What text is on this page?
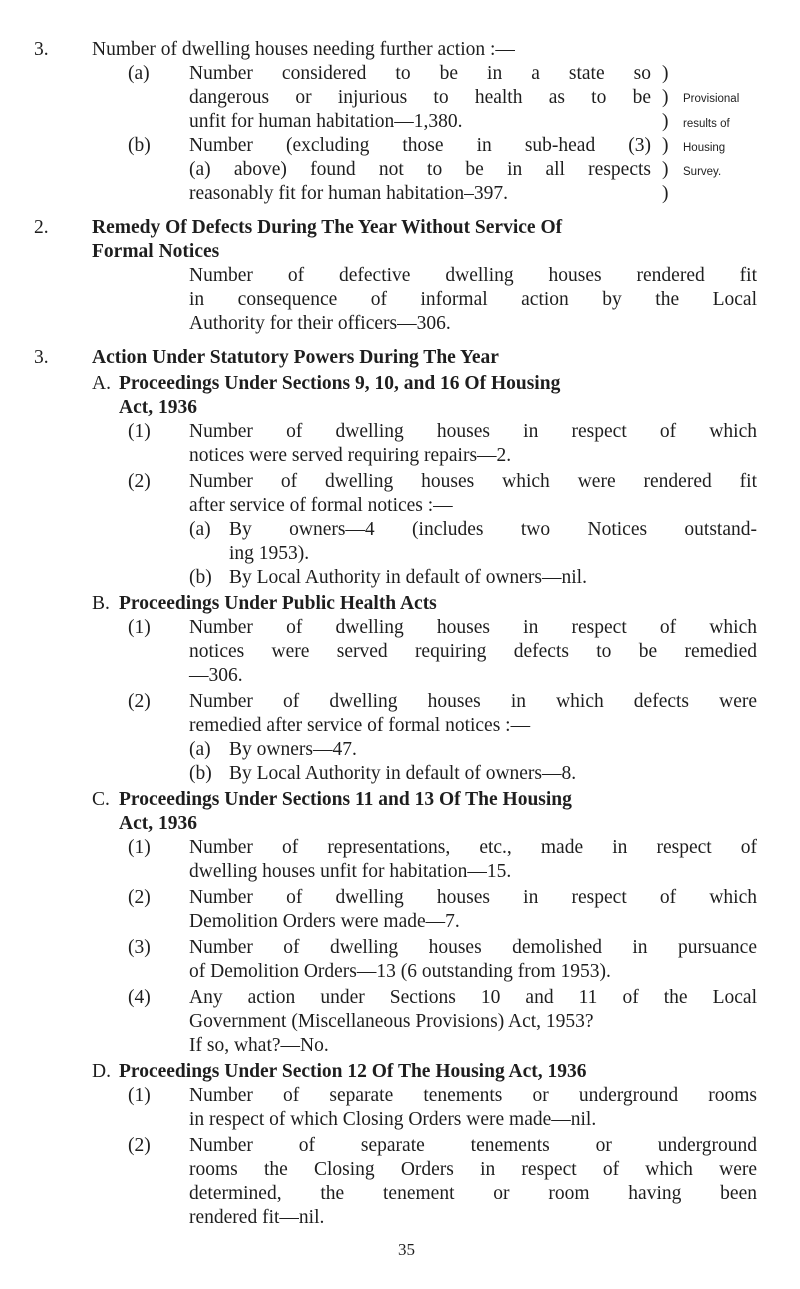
3. Number of dwelling houses needing further action :—
(a) Number considered to be in a state so
dangerous or injurious to health as to be
unfit for human habitation—1,380.
(b) Number (excluding those in sub-head (3)
(a) above) found not to be in all respects
reasonably fit for human habitation–397.
)
)
)
)
)
)
Provisional
results of
Housing
Survey.
2. Remedy Of Defects During The Year Without Service Of
Formal Notices
Number of defective dwelling houses rendered fit
in consequence of informal action by the Local
Authority for their officers—306.
3. Action Under Statutory Powers During The Year
A. Proceedings Under Sections 9, 10, and 16 Of Housing
Act, 1936
(1) Number of dwelling houses in respect of which
notices were served requiring repairs—2.
(2) Number of dwelling houses which were rendered fit
after service of formal notices :—
(a) By owners—4 (includes two Notices outstand-
ing 1953).
(b) By Local Authority in default of owners—nil.
B. Proceedings Under Public Health Acts
(1) Number of dwelling houses in respect of which
notices were served requiring defects to be remedied
—306.
(2) Number of dwelling houses in which defects were
remedied after service of formal notices :—
(a) By owners—47.
(b) By Local Authority in default of owners—8.
C. Proceedings Under Sections 11 and 13 Of The Housing
Act, 1936
(1) Number of representations, etc., made in respect of
dwelling houses unfit for habitation—15.
(2) Number of dwelling houses in respect of which
Demolition Orders were made—7.
(3) Number of dwelling houses demolished in pursuance
of Demolition Orders—13 (6 outstanding from 1953).
(4) Any action under Sections 10 and 11 of the Local
Government (Miscellaneous Provisions) Act, 1953?
If so, what?—No.
D. Proceedings Under Section 12 Of The Housing Act, 1936
(1) Number of separate tenements or underground rooms
in respect of which Closing Orders were made—nil.
(2) Number of separate tenements or underground
rooms the Closing Orders in respect of which were
determined, the tenement or room having been
rendered fit—nil.
35
